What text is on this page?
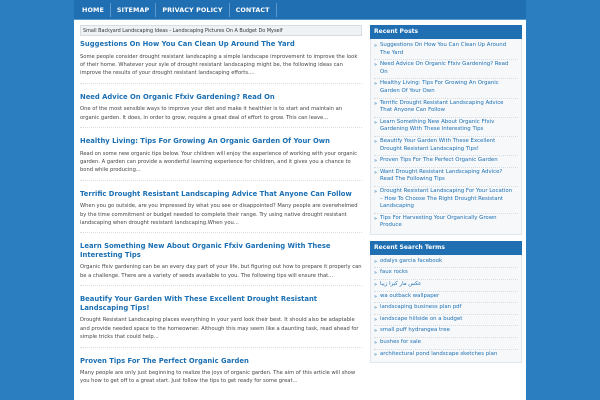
HOME	SITEMAP	PRIVACY POLICY	CONTACT
Small Backyard Landscaping Ideas - Landscaping Pictures On A Budget Do Myself
Suggestions On How You Can Clean Up Around The Yard
Some people consider drought resistant landscaping a simple landscape improvement to improve the look of their home. Whatever your syle of drought resistant landscaping might be, the following ideas can improve the results of your drought resistant landscaping efforts....
Need Advice On Organic Ffxiv Gardening? Read On
One of the most sensible ways to improve your diet and make it healthier is to start and maintain an organic garden. It does, in order to grow, require a great deal of effort to grow. This can leave...
Healthy Living: Tips For Growing An Organic Garden Of Your Own
Read on some new organic tips below. Your children will enjoy the experience of working with your organic garden. A garden can provide a wonderful learning experience for children, and it gives you a chance to bond while producing...
Terrific Drought Resistant Landscaping Advice That Anyone Can Follow
When you go outside, are you impressed by what you see or disappointed? Many people are overwhelmed by the time commitment or budget needed to complete their range. Try using native drought resistant landscaping when drought resistant landscaping.When you...
Learn Something New About Organic Ffxiv Gardening With These Interesting Tips
Organic ffxiv gardening can be an every day part of your life, but figuring out how to prepare it properly can be a challenge. There are a variety of seeds available to you. The following tips will ensure that...
Beautify Your Garden With These Excellent Drought Resistant Landscaping Tips!
Drought Resistant Landscaping places everything in your yard look their best. It should also be adaptable and provide needed space to the homeowner. Although this may seem like a daunting task, read ahead for simple tricks that could help...
Proven Tips For The Perfect Organic Garden
Many people are only just beginning to realize the joys of organic garden. The aim of this article will show you how to get off to a great start. Just follow the tips to get ready for some great...
Recent Posts
» Suggestions On How You Can Clean Up Around The Yard
» Need Advice On Organic Ffxiv Gardening? Read On
» Healthy Living: Tips For Growing An Organic Garden Of Your Own
» Terrific Drought Resistant Landscaping Advice That Anyone Can Follow
» Learn Something New About Organic Ffxiv Gardening With These Interesting Tips
» Beautify Your Garden With These Excellent Drought Resistant Landscaping Tips!
» Proven Tips For The Perfect Organic Garden
» Want Drought Resistant Landscaping Advice? Read The Following Tips
» Drought Resistant Landscaping For Your Location – How To Choose The Right Drought Resistant Landscaping
» Tips For Harvesting Your Organically Grown Produce
Recent Search Terms
» odalys garcia facebook
» faux rocks
» عکس مار کبرا زیبا
» wa outback wallpaper
» landscaping business plan pdf
» landscape hillside on a budget
» small puff hydrangea tree
» bushes for sale
» architectural pond landscape sketches plan
